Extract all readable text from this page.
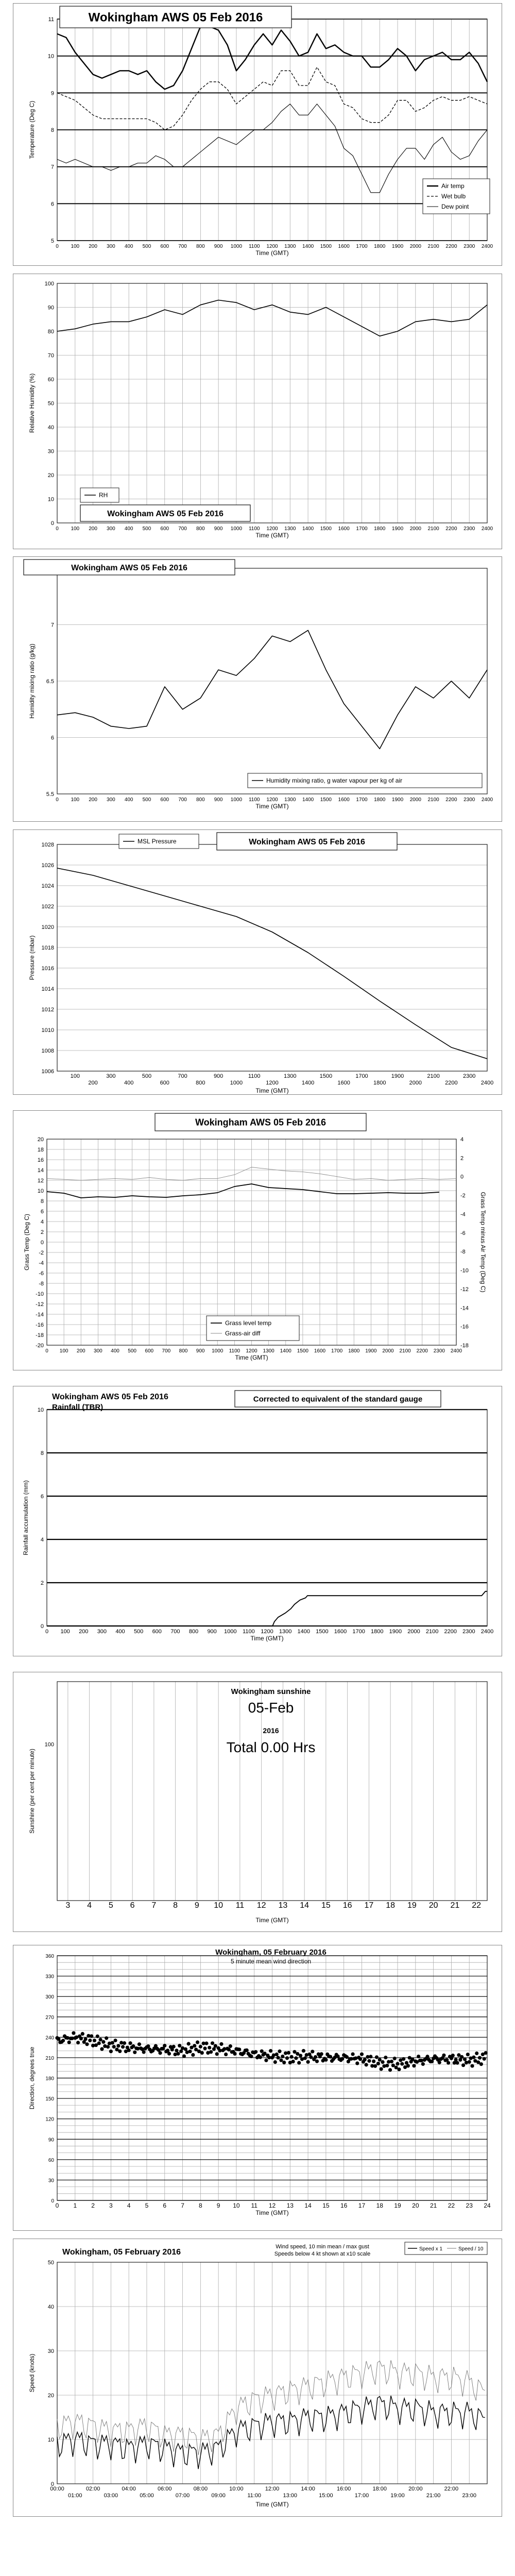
0 100 200 300 400 500 600 700 800 900 1000 1100 1200 1300 1400 1500 1600 1700 1800 1900 2000 2100 2200 2300 2400
5
6
7
8
9
10
11
Time (GMT)
Temperature (Deg C)
Wokingham AWS 05 Feb 2016
Air temp
Wet bulb
Dew point
0 100 200 300 400 500 600 700 800 900 1000 1100 1200 1300 1400 1500 1600 1700 1800 1900 2000 2100 2200 2300 2400
0
10
20
30
40
50
60
70
80
90
100
Time (GMT)
Relative Humidity (%)
RH
Wokingham AWS 05 Feb 2016
0 100 200 300 400 500 600 700 800 900 1000 1100 1200 1300 1400 1500 1600 1700 1800 1900 2000 2100 2200 2300 2400
5.5
6
6.5
7
Time (GMT)
Humidity mixing ratio (g/kg)
Wokingham AWS 05 Feb 2016
Humidity mixing ratio, g water vapour per kg of air
100
200
300
400
500
600
700
800
900
1000
1100
1200
1300
1400
1500
1600
1700
1800
1900
2000
2100
2200
2300
2400
1006
1008
1010
1012
1014
1016
1018
1020
1022
1024
1026
1028
Time (GMT)
Pressure (mbar)
MSL Pressure	Wokingham AWS 05 Feb 2016
0 100 200 300 400 500 600 700 800 900 1000 1100 1200 1300 1400 1500 1600 1700 1800 1900 2000 2100 2200 2300 2400
-20
-18
-16
-14
-12
-10
-8
-6
-4
-2
0
2
4
6
8
10
12
14
16
18
20
Time (GMT)
Grass Temp (Deg C)
-18
-16
-14
-12
-10
-8
-6
-4
-2
0
2
4
Grass Temp minus Air Temp (Deg C)
Wokingham AWS 05 Feb 2016
Grass level temp
Grass-air diff
0 100 200 300 400 500 600 700 800 900 1000 1100 1200 1300 1400 1500 1600 1700 1800 1900 2000 2100 2200 2300 2400
0
2
4
6
8
10
Time (GMT)
Rainfall accumulation (mm)
Wokingham AWS 05 Feb 2016
Rainfall (TBR)
Corrected to equivalent of the standard gauge
3 4 5 6 7 8 9 10 11 12 13 14 15 16 17 18 19 20 21 22
100
Time (GMT)
Sunshine (per cent per minute)
Wokingham sunshine
05-Feb
2016
Total 0.00 Hrs
0 1 2 3 4 5 6 7 8 9 10 11 12 13 14 15 16 17 18 19 20 21 22 23 24
0
30
60
90
120
150
180
210
240
270
300
330
360
Time (GMT)
Direction, degrees true
Wokingham, 05 February 2016
5 minute mean wind direction
00:00
01:00
02:00
03:00
04:00
05:00
06:00
07:00
08:00
09:00
10:00
11:00
12:00
13:00
14:00
15:00
16:00
17:00
18:00
19:00
20:00
21:00
22:00
23:00
0
10
20
30
40
50
Time (GMT)
Speed (knots)
Wokingham, 05 February 2016
Wind speed, 10 min mean / max gust
Speeds below 4 kt shown at x10 scale
Speed x 1	Speed / 10
